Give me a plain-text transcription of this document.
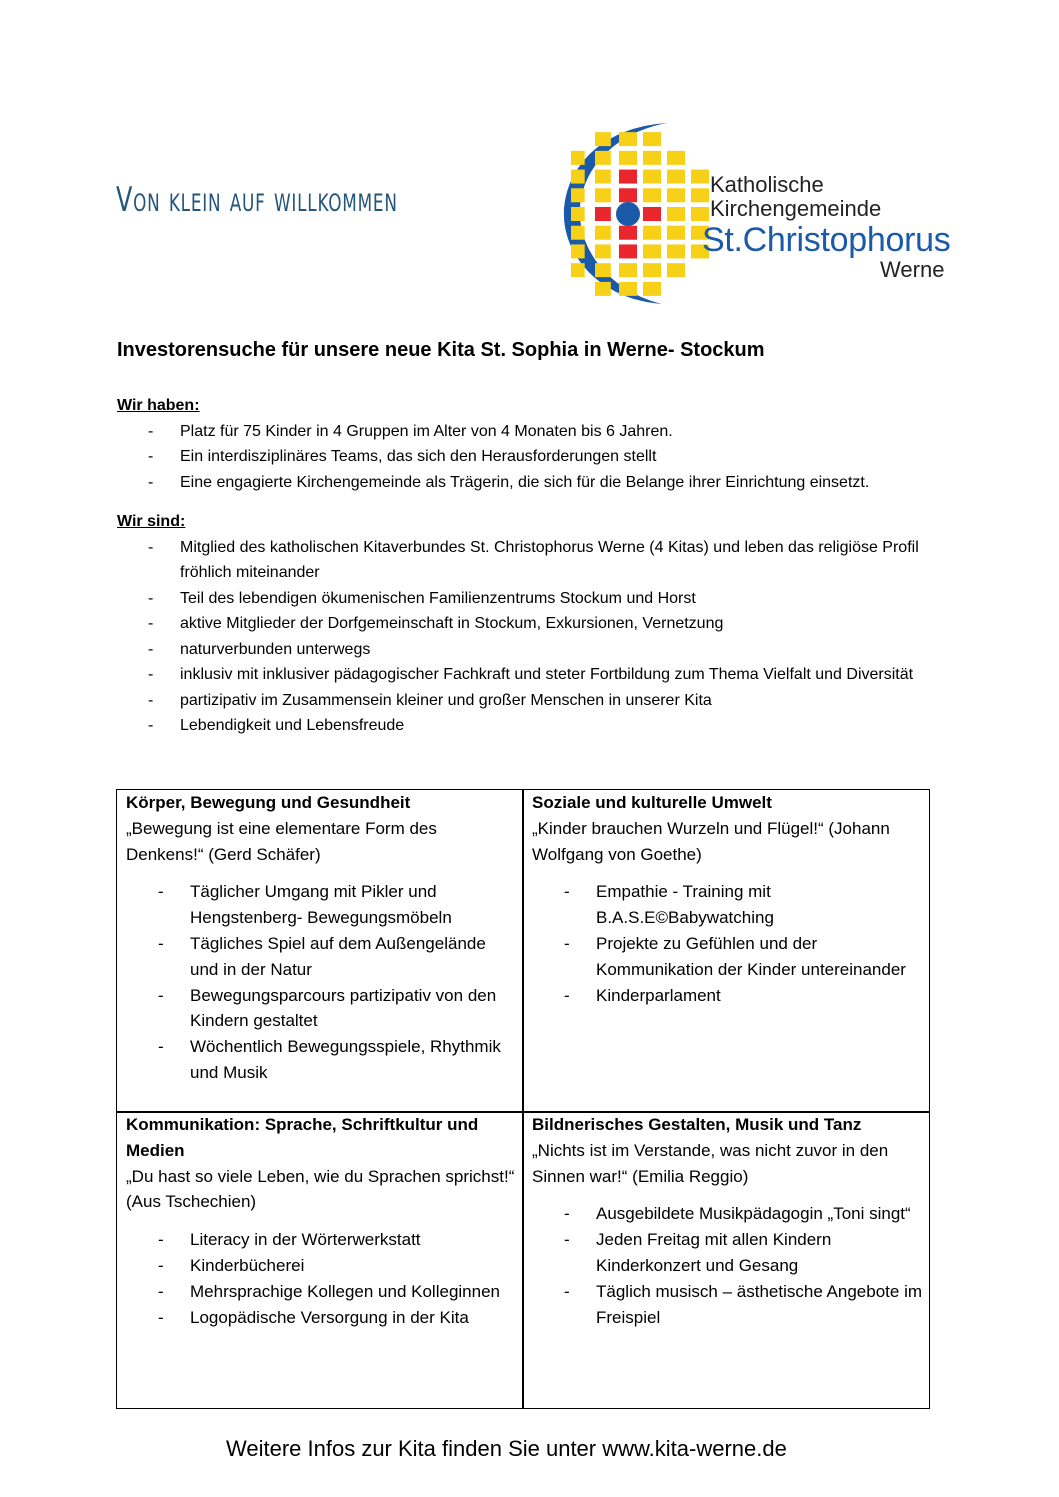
Von klein auf willkommen	Katholische
Kirchengemeinde
St.Christophorus
Werne
Investorensuche für unsere neue Kita St. Sophia in Werne- Stockum
Wir haben:
- Platz für 75 Kinder in 4 Gruppen im Alter von 4 Monaten bis 6 Jahren.
- Ein interdisziplinäres Teams, das sich den Herausforderungen stellt
- Eine engagierte Kirchengemeinde als Trägerin, die sich für die Belange ihrer Einrichtung einsetzt.
Wir sind:
- Mitglied des katholischen Kitaverbundes St. Christophorus Werne (4 Kitas) und leben das religiöse Profil fröhlich miteinander
- Teil des lebendigen ökumenischen Familienzentrums Stockum und Horst
- aktive Mitglieder der Dorfgemeinschaft in Stockum, Exkursionen, Vernetzung
- naturverbunden unterwegs
- inklusiv mit inklusiver pädagogischer Fachkraft und steter Fortbildung zum Thema Vielfalt und Diversität
- partizipativ im Zusammensein kleiner und großer Menschen in unserer Kita
- Lebendigkeit und Lebensfreude
Körper, Bewegung und Gesundheit
„Bewegung ist eine elementare Form des Denkens!“ (Gerd Schäfer)
- Täglicher Umgang mit Pikler und Hengstenberg- Bewegungsmöbeln
- Tägliches Spiel auf dem Außengelände und in der Natur
- Bewegungsparcours partizipativ von den Kindern gestaltet
- Wöchentlich Bewegungsspiele, Rhythmik und Musik
Soziale und kulturelle Umwelt
„Kinder brauchen Wurzeln und Flügel!“ (Johann Wolfgang von Goethe)
- Empathie - Training mit B.A.S.E©Babywatching
- Projekte zu Gefühlen und der Kommunikation der Kinder untereinander
- Kinderparlament
Kommunikation: Sprache, Schriftkultur und Medien
„Du hast so viele Leben, wie du Sprachen sprichst!“ (Aus Tschechien)
- Literacy in der Wörterwerkstatt
- Kinderbücherei
- Mehrsprachige Kollegen und Kolleginnen
- Logopädische Versorgung in der Kita
Bildnerisches Gestalten, Musik und Tanz
„Nichts ist im Verstande, was nicht zuvor in den Sinnen war!“ (Emilia Reggio)
- Ausgebildete Musikpädagogin „Toni singt“
- Jeden Freitag mit allen Kindern Kinderkonzert und Gesang
- Täglich musisch – ästhetische Angebote im Freispiel
Weitere Infos zur Kita finden Sie unter www.kita-werne.de
